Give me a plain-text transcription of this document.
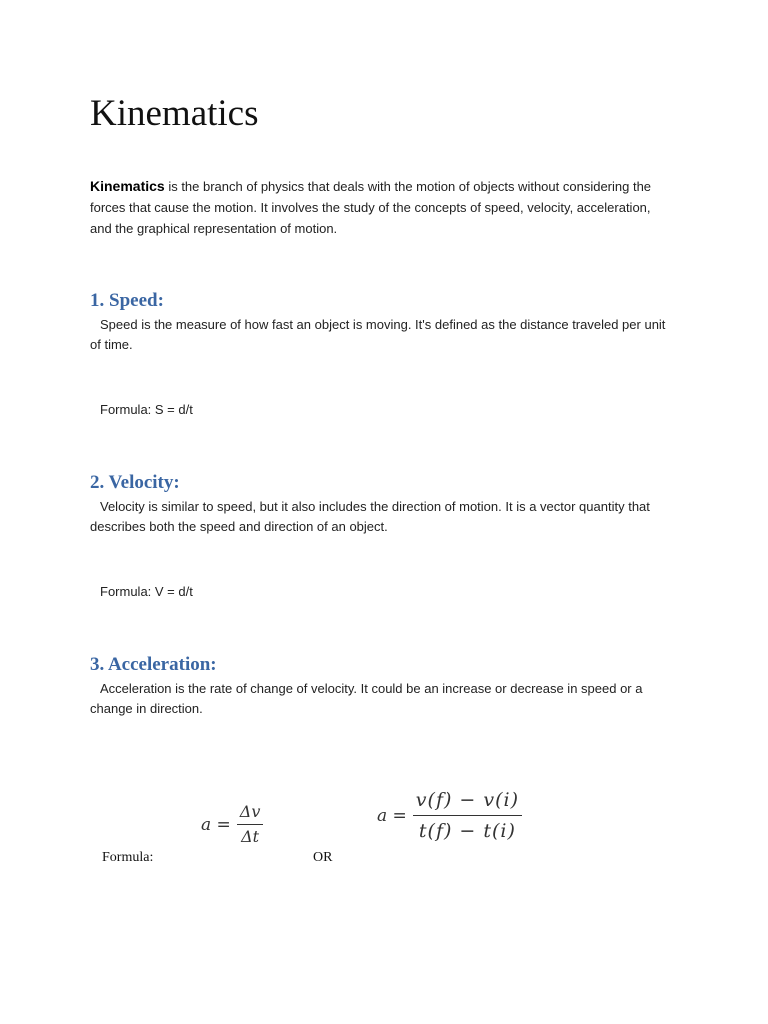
Kinematics

Kinematics is the branch of physics that deals with the motion of objects without considering the forces that cause the motion. It involves the study of the concepts of speed, velocity, acceleration, and the graphical representation of motion.

1. Speed:

Speed is the measure of how fast an object is moving. It's defined as the distance traveled per unit of time.

Formula: S = d/t

2. Velocity:

Velocity is similar to speed, but it also includes the direction of motion. It is a vector quantity that describes both the speed and direction of an object.

Formula: V = d/t

3. Acceleration:

Acceleration is the rate of change of velocity. It could be an increase or decrease in speed or a change in direction.

$a = \frac{\Delta v}{\Delta t}$	$a = \frac{v(f) - v(i)}{t(f) - t(i)}$
Formula:	OR
